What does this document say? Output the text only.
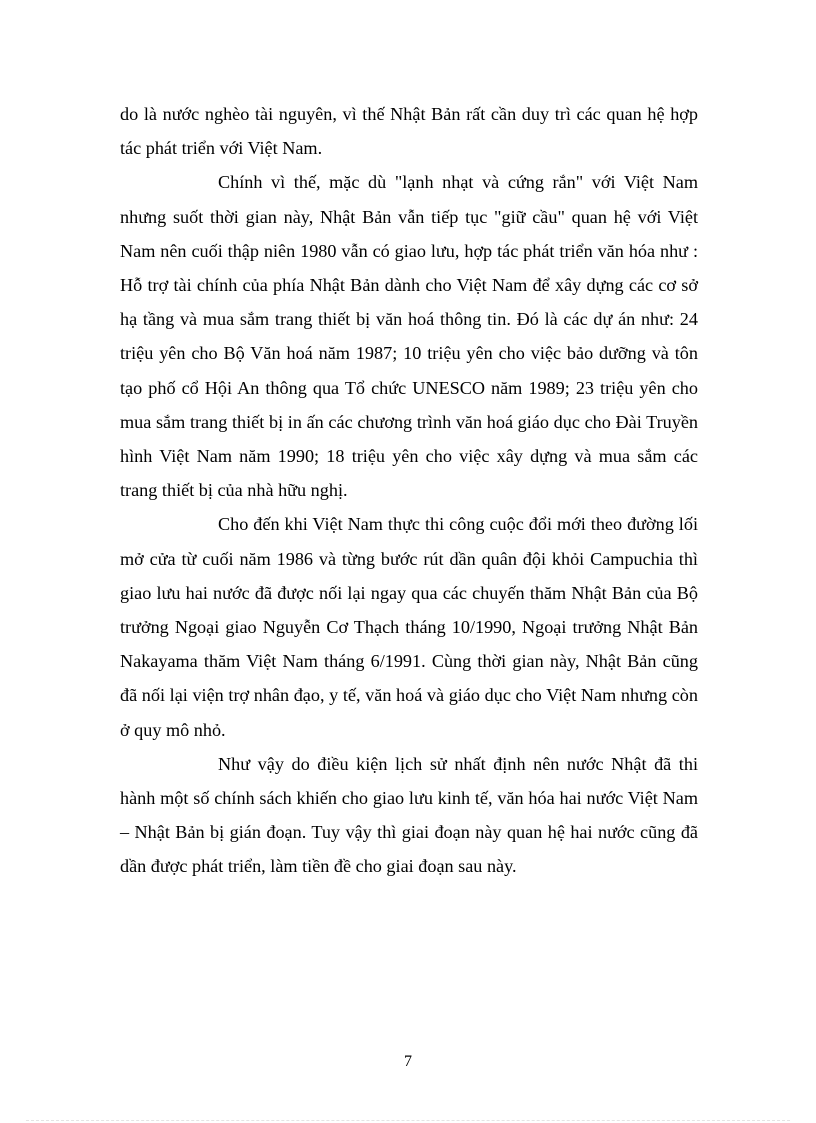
do là nước nghèo tài nguyên, vì thế Nhật Bản rất cần duy trì các quan hệ hợp tác phát triển với Việt Nam.

Chính vì thế, mặc dù "lạnh nhạt và cứng rắn" với Việt Nam nhưng suốt thời gian này, Nhật Bản vẫn tiếp tục "giữ cầu" quan hệ với Việt Nam nên cuối thập niên 1980 vẫn có giao lưu, hợp tác phát triển văn hóa như : Hỗ trợ tài chính của phía Nhật Bản dành cho Việt Nam để xây dựng các cơ sở hạ tầng và mua sắm trang thiết bị văn hoá thông tin. Đó là các dự án như: 24 triệu yên cho Bộ Văn hoá năm 1987; 10 triệu yên cho việc bảo dưỡng và tôn tạo phố cổ Hội An thông qua Tổ chức UNESCO năm 1989; 23 triệu yên cho mua sắm trang thiết bị in ấn các chương trình văn hoá giáo dục cho Đài Truyền hình Việt Nam năm 1990; 18 triệu yên cho việc xây dựng và mua sắm các trang thiết bị của nhà hữu nghị.

Cho đến khi Việt Nam thực thi công cuộc đổi mới theo đường lối mở cửa từ cuối năm 1986 và từng bước rút dần quân đội khỏi Campuchia thì giao lưu hai nước đã được nối lại ngay qua các chuyến thăm Nhật Bản của Bộ trưởng Ngoại giao Nguyễn Cơ Thạch tháng 10/1990, Ngoại trưởng Nhật Bản Nakayama thăm Việt Nam tháng 6/1991. Cùng thời gian này, Nhật Bản cũng đã nối lại viện trợ nhân đạo, y tế, văn hoá và giáo dục cho Việt Nam nhưng còn ở quy mô nhỏ.

Như vậy do điều kiện lịch sử nhất định nên nước Nhật đã thi hành một số chính sách khiến cho giao lưu kinh tế, văn hóa hai nước Việt Nam – Nhật Bản bị gián đoạn. Tuy vậy thì giai đoạn này quan hệ hai nước cũng đã dần được phát triển, làm tiền đề cho giai đoạn sau này.

7
